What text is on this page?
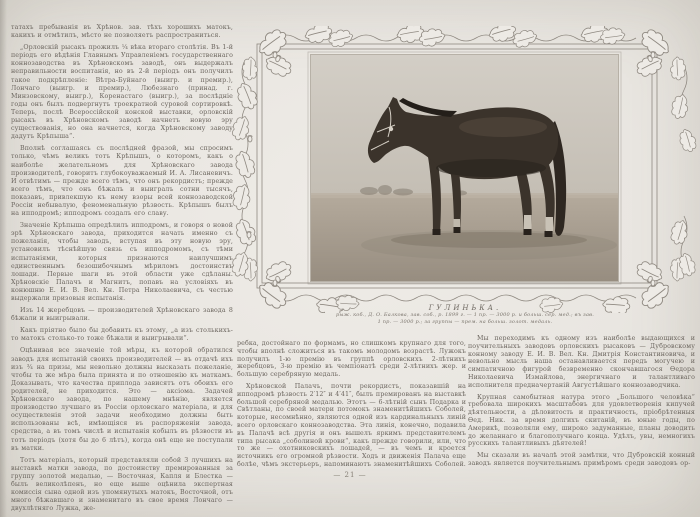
татахъ пребыванія въ Хрѣнов. зав. тѣхъ хорошихъ матокъ, какихъ и отмѣтилъ, мѣсто не позволяетъ распространиться.

„Орловскій рысакъ прожилъ ¼ вѣка втораго столѣтія. Въ 1-й періодъ его вѣдѣнія Главнымъ Управленіемъ государственнаго коннозаводства въ Хрѣновскомъ заводѣ, онъ выдержалъ неправильности воспитанія, но въ 2-й періодъ онъ получилъ такое подкрѣпленіе: Вѣтра-Буйнаго (выигр. и премир.), Лончаго (выигр. и премир.), Любезнаго (принад. г. Минзовскому, выигр.), Коренастаго (выигр.), за послѣдніе годы онъ былъ подвергнутъ троекратной суровой сортировкѣ. Теперь, послѣ Всероссійской конской выставки, орловскій рысакъ въ Хрѣновскомъ заводѣ начнетъ новую эру существованія, но она начнется, когда Хрѣновскому заводу дадутъ Крѣпыша“.

Вполнѣ соглашаясь съ послѣдней фразой, мы спросимъ только, чѣмъ великъ тотъ Крѣпышъ, о которомъ, какъ о наиболѣе желательномъ для Хрѣновскаго завода производителѣ, говоритъ глубокоуважаемый И. А. Лисаневичъ. И отвѣтимъ — прежде всего тѣмъ, что онъ рекордистъ; прежде всего тѣмъ, что онъ бѣжалъ и выигралъ сотни тысячъ, показавъ, привлекшую къ нему взоры всей коннозаводской Россіи небывалую, феноменальную рѣзвость. Крѣпышъ былъ на ипподромѣ; ипподромъ создалъ его славу.

Значеніе Крѣпыша опредѣлилъ ипподромъ, и говоря о новой эрѣ Хрѣновскаго завода, приходится начать именно съ пожеланія, чтобы заводъ, вступая въ эту новую эру, установилъ тѣснѣйшую связь съ ипподромомъ, съ тѣми испытаніями, которыя признаются наилучшимъ единственнымъ безошибочнымъ мѣриломъ достоинствъ лошади. Первые шаги въ этой области уже сдѣланы. Хрѣновскіе Палачъ и Магнитъ, попавъ на условіяхъ въ конюшню Е. И. В. Вел. Кн. Петра Николаевича, съ честью выдержали призовыя испытанія.

Изъ 14 жеребцовъ — производителей Хрѣновскаго завода 8 бѣжали и выигрывали.

Какъ пріятно было бы добавить къ этому, „а изъ столькихъ-то матокъ столько-то тоже бѣжали и выигрывали“.

Оцѣнивая все значеніе той мѣры, къ которой обратился заводъ для испытаній своихъ производителей — въ отдачѣ ихъ изъ ¾ на призы, мы невольно должны высказать пожеланіе, чтобы та же мѣра была принята и по отношенію къ маткамъ. Доказывать, что качества приплода зависятъ отъ обоихъ его родителей, не приходится. Это — аксіома. Задачей Хрѣновскаго завода, по нашему мнѣнію, является производство лучшаго въ Россіи орловскаго матеріала, и для осуществленія этой задачи необходимо должны быть использованы всѣ, имѣющіяся въ распоряженіи завода, средства, а въ томъ числѣ и испытанія кобылъ въ рѣзвости въ тотъ періодъ (хотя бы до 6 лѣтъ), когда онѣ еще не поступали въ матки.

Тотъ матеріалъ, который представляли собой 3 лучшихъ на выставкѣ матки завода, по достоинству премированныя за группу золотой медалью, — Восточная, Капля и Блестка — былъ великолѣпенъ, но еще выше оцѣнила экспертная комиссія сына одной изъ упомянутыхъ матокъ, Восточной, отъ много бѣжавшаго и знаменитаго въ свое время Лончаго — двухлѣтняго Лужка, же-

ГУЛИНЬКА.
рыж. коб., Д. О. Балкова, зав. соб., р. 1899 г. — 1 пр. — 3000 р. и больш. сер. мед.; въ зав.
1 пр. — 3000 р.; за группы — прем. на больш. золот. медаль.

ребка, достойнаго по формамъ, но слишкомъ крупнаго для того, чтобы вполнѣ сложиться въ такомъ молодомъ возрастѣ. Лужокъ получилъ 1-ю премію въ группѣ орловскихъ 2-лѣтнихъ жеребцовъ, 3-ю премію въ чемпіонатѣ среди 2-лѣтнихъ жер. и большую серебряную медаль.

Хрѣновской Палачъ, почти рекордистъ, показавшій на ипподромѣ рѣзвость 2′12″ и 4′41″, былъ премированъ на выставкѣ большой серебряной медалью. Этотъ — 6-лѣтній сынъ Подарка и Свѣтланы, по своей матери потомокъ знаменитѣйшихъ Соболей, которые, несомнѣнно, являются одной изъ кардинальныхъ линій всего орловскаго коннозаводства. Эта линія, конечно, подавила въ Палачѣ всѣ другія и онъ вышелъ яркимъ представителемъ типа рысака „соболиной крови“, какъ прежде говорили, или, что то же — охотниковскихъ лошадей, — въ чемъ и кроется источникъ его огромной рѣзвости. Ходъ и движенія Палача еще болѣе, чѣмъ экстерьеръ, напоминаютъ знаменитѣйшихъ Соболей.

Мы переходимъ къ одному изъ наиболѣе выдающихся и поучительныхъ заводовъ орловскихъ рысаковъ — Дубровскому конному заводу Е. И. В. Вел. Кн. Дмитрія Константиновича, и невольно мысль наша останавливается передъ могучею и симпатичною фигурой безвременно скончавшагося Ѳедора Николаевича Измайлова, энергичнаго и талантливаго исполнителя предначертаній Августѣйшаго коннозаводчика.

Крупная самобытная натура этого „Большого человѣка“ требовала широкихъ масштабовъ для удовлетворенія кипучей дѣятельности, а дѣловитость и практичность, пріобрѣтенныя Ѳед. Ник. за время долгихъ скитаній, въ юные годы, по Америкѣ, позволяли ему, широко задуманные, планы доводить до желаннаго и благополучнаго конца. Удѣлъ, увы, немногихъ русскихъ талантливыхъ дѣятелей!

Мы сказали въ началѣ этой замѣтки, что Дубровскій конный заводъ является поучительнымъ примѣромъ среди заводовъ ор-

— 21 —
